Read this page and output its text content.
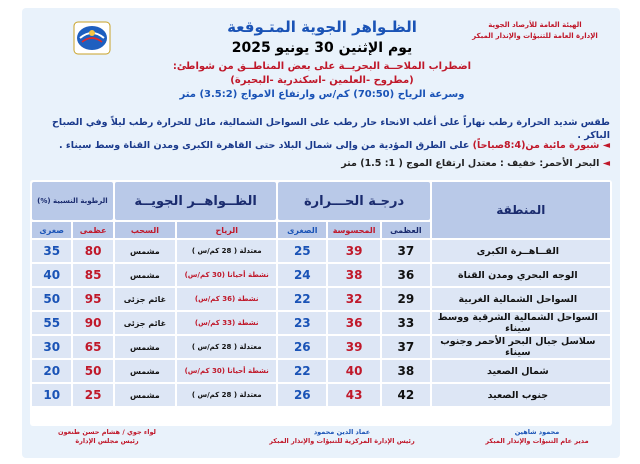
الهيئة العامة للأرصاد الجوية
الإدارة العامة للتنبؤات والإنذار المبكر
الظـواهر الجوية المتـوقعة
يوم الإثنين 30 يونيو 2025
اضطراب الملاحــة البحريــة على بعض المناطــق من شواطئ:
(مطروح -العلمين -اسكندرية -البحيرة)
وسرعة الرياح (70:50) كم/س وارتفاع الامواج (3.5:2) متر
طقس شديد الحرارة رطب نهاراً على أغلب الانحاء حار رطب على السواحل الشمالية، مائل للحرارة رطب ليلاً وفي الصباح الباكر .
◄ شبورة مائية من(8:4صباحاً) على الطرق المؤدية من وإلى شمال البلاد حتى القاهرة الكبرى ومدن القناة وسط سيناء .
◄ البحر الأحمر: خفيف : معتدل ارتفاع الموج ( 1: 1.5) متر
المنطقة	درجـة الحـــرارة			الظــواهــر الجويــة		الرطوبة النسبية (%)	
	العظمى	المحسوسة	الصغرى	الرياح	السحب	عظمى	صغرى
القــاهــرة الكبرى	37	39	25	معتدلة ( 28 كم/س )	مشمس	80	35
الوجه البحري ومدن القناة	36	38	24	نشطة أحيانا (30 كم/س)	مشمس	85	40
السواحل الشمالية الغربية	29	32	22	نشطة (36 كم/س)	غائم جزئى	95	50
السواحل الشمالية الشرقية ووسط سيناء	33	36	23	نشطة (33 كم/س)	غائم جزئى	90	55
سلاسل جبال البحر الأحمر وجنوب سيناء	37	39	26	معتدلة ( 28 كم/س )	مشمس	65	30
شمال الصعيد	38	40	22	نشطة أحيانا (30 كم/س)	مشمس	50	20
جنوب الصعيد	42	43	26	معتدلة ( 28 كم/س )	مشمس	25	10
محمود شاهين
مدير عام التنبؤات والإنذار المبكر
عماد الدين محمود
رئيس الإدارة المركزية للتنبؤات والإنذار المبكر
لواء جوي / هشام حسن طنعون
رئيس مجلس الإدارة
